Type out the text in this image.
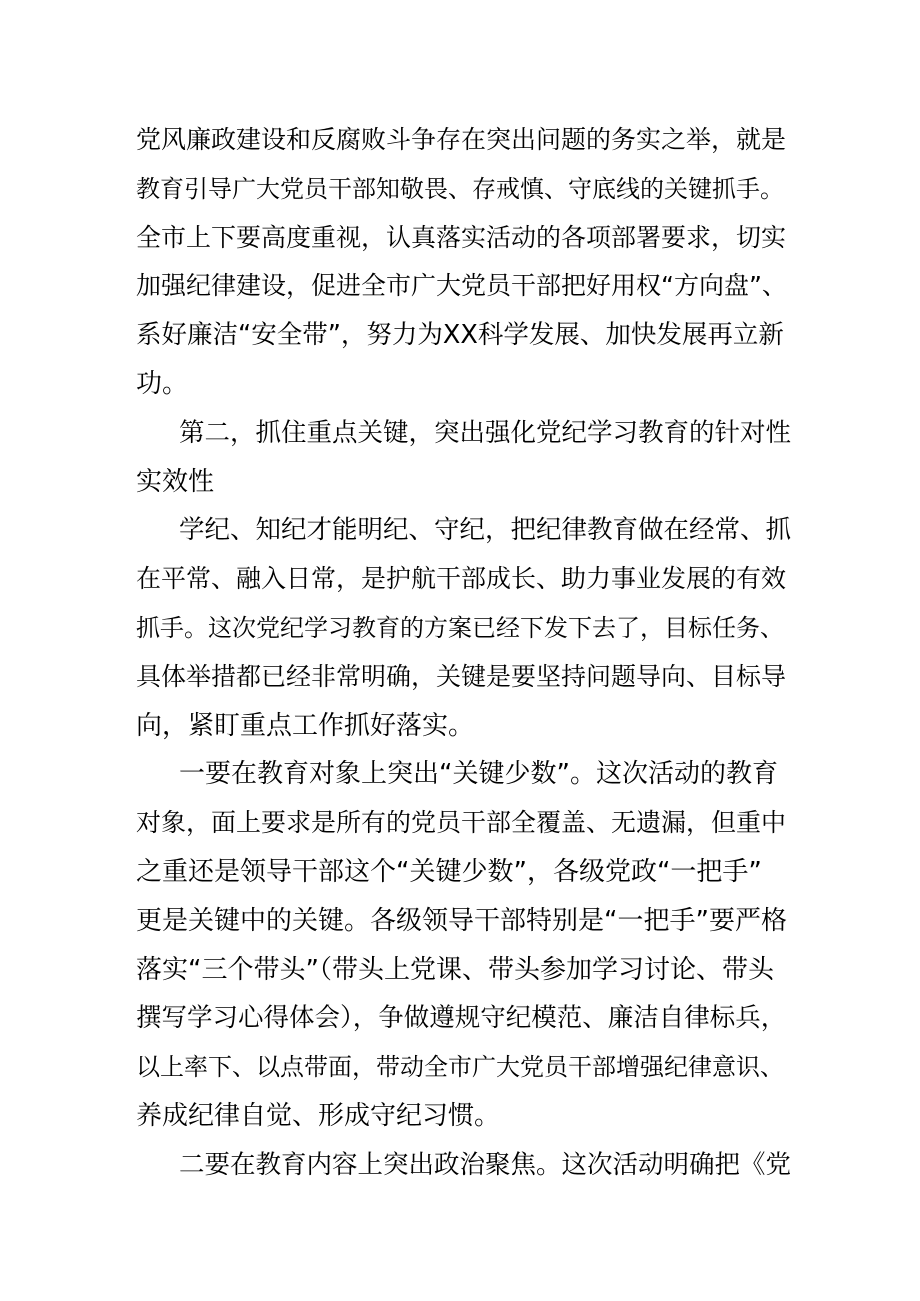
党风廉政建设和反腐败斗争存在突出问题的务实之举，就是
教育引导广大党员干部知敬畏、存戒慎、守底线的关键抓手。
全市上下要高度重视，认真落实活动的各项部署要求，切实
加强纪律建设，促进全市广大党员干部把好用权“方向盘”、
系好廉洁“安全带”，努力为XX科学发展、加快发展再立新
功。
第二，抓住重点关键，突出强化党纪学习教育的针对性
实效性
学纪、知纪才能明纪、守纪，把纪律教育做在经常、抓
在平常、融入日常，是护航干部成长、助力事业发展的有效
抓手。这次党纪学习教育的方案已经下发下去了，目标任务、
具体举措都已经非常明确，关键是要坚持问题导向、目标导
向，紧盯重点工作抓好落实。
一要在教育对象上突出“关键少数”。这次活动的教育
对象，面上要求是所有的党员干部全覆盖、无遗漏，但重中
之重还是领导干部这个“关键少数”，各级党政“一把手”
更是关键中的关键。各级领导干部特别是“一把手”要严格
落实“三个带头”（带头上党课、带头参加学习讨论、带头
撰写学习心得体会），争做遵规守纪模范、廉洁自律标兵，
以上率下、以点带面，带动全市广大党员干部增强纪律意识、
养成纪律自觉、形成守纪习惯。
二要在教育内容上突出政治聚焦。这次活动明确把《党
